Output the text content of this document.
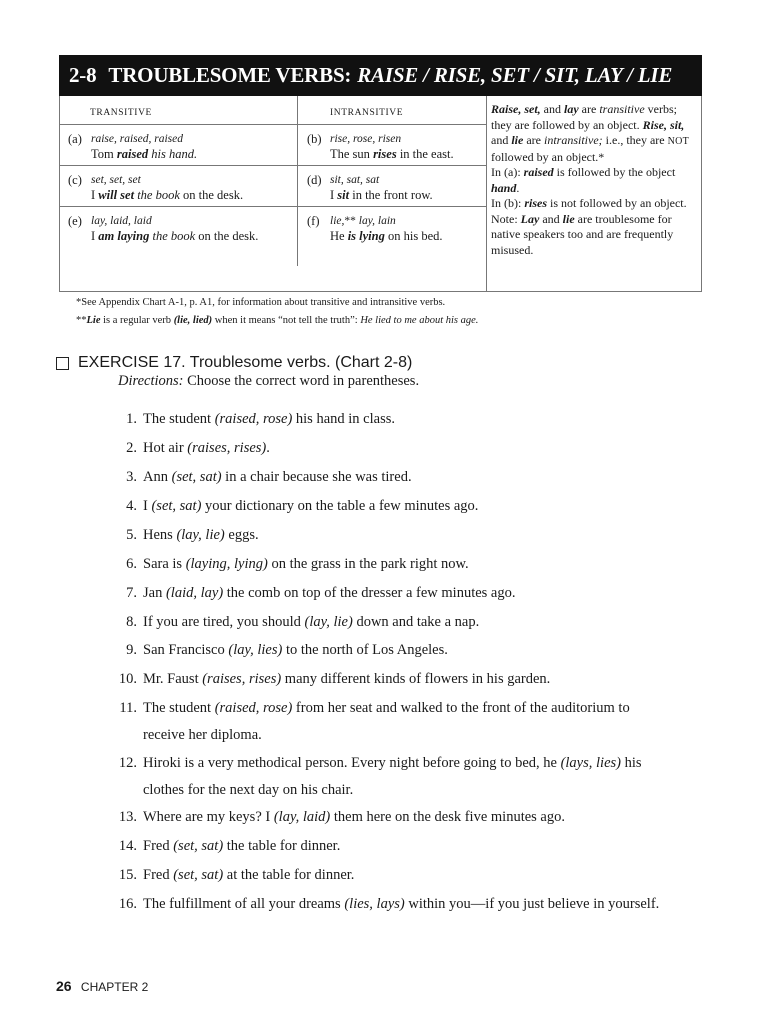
2-8 TROUBLESOME VERBS: RAISE / RISE, SET / SIT, LAY / LIE
TRANSITIVE	INTRANSITIVE
(a) raise, raised, raised
Tom raised his hand.
(b) rise, rose, risen
The sun rises in the east.
(c) set, set, set
I will set the book on the desk.
(d) sit, sat, sat
I sit in the front row.
(e) lay, laid, laid
I am laying the book on the desk.
(f) lie,** lay, lain
He is lying on his bed.

Raise, set, and lay are transitive verbs; they are followed by an object. Rise, sit, and lie are intransitive; i.e., they are NOT followed by an object.*

In (a): raised is followed by the object hand.

In (b): rises is not followed by an object.

Note: Lay and lie are troublesome for native speakers too and are frequently misused.

*See Appendix Chart A-1, p. A1, for information about transitive and intransitive verbs.
**Lie is a regular verb (lie, lied) when it means “not tell the truth”: He lied to me about his age.
EXERCISE 17. Troublesome verbs. (Chart 2-8)
Directions: Choose the correct word in parentheses.
1. The student (raised, rose) his hand in class.
2. Hot air (raises, rises).
3. Ann (set, sat) in a chair because she was tired.
4. I (set, sat) your dictionary on the table a few minutes ago.
5. Hens (lay, lie) eggs.
6. Sara is (laying, lying) on the grass in the park right now.
7. Jan (laid, lay) the comb on top of the dresser a few minutes ago.
8. If you are tired, you should (lay, lie) down and take a nap.
9. San Francisco (lay, lies) to the north of Los Angeles.
10. Mr. Faust (raises, rises) many different kinds of flowers in his garden.
11. The student (raised, rose) from her seat and walked to the front of the auditorium to
receive her diploma.
12. Hiroki is a very methodical person. Every night before going to bed, he (lays, lies) his
clothes for the next day on his chair.
13. Where are my keys? I (lay, laid) them here on the desk five minutes ago.
14. Fred (set, sat) the table for dinner.
15. Fred (set, sat) at the table for dinner.
16. The fulfillment of all your dreams (lies, lays) within you—if you just believe in yourself.
26 CHAPTER 2
